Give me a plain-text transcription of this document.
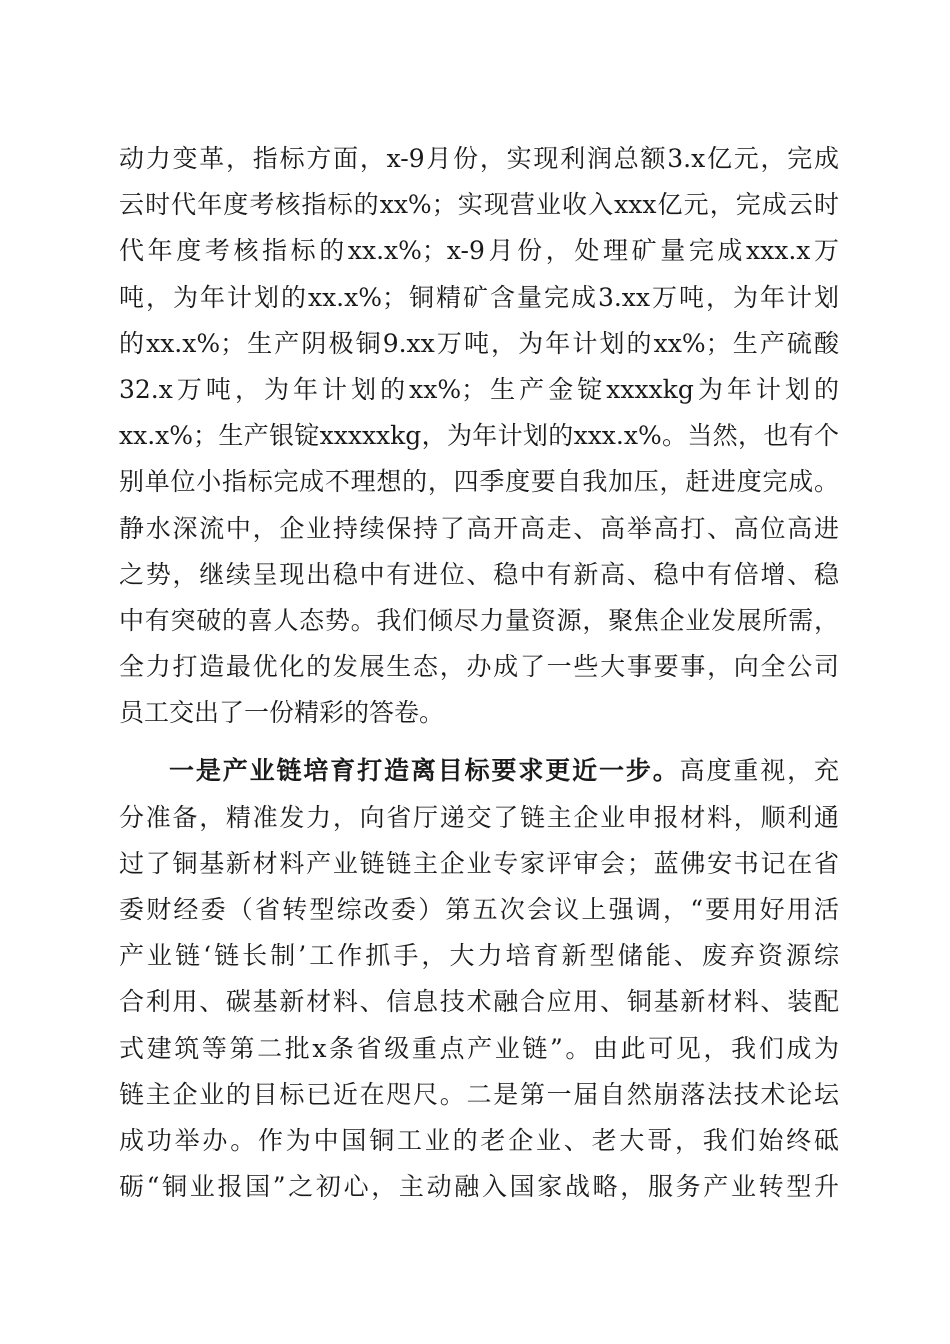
动力变革，指标方面，x-9月份，实现利润总额3.x亿元，完成
云时代年度考核指标的xx%；实现营业收入xxx亿元，完成云时
代年度考核指标的xx.x%；x-9月份，处理矿量完成xxx.x万
吨，为年计划的xx.x%；铜精矿含量完成3.xx万吨，为年计划
的xx.x%；生产阴极铜9.xx万吨，为年计划的xx%；生产硫酸
32.x万吨，为年计划的xx%；生产金锭xxxxkg为年计划的
xx.x%；生产银锭xxxxxkg，为年计划的xxx.x%。当然，也有个
别单位小指标完成不理想的，四季度要自我加压，赶进度完成。
静水深流中，企业持续保持了高开高走、高举高打、高位高进
之势，继续呈现出稳中有进位、稳中有新高、稳中有倍增、稳
中有突破的喜人态势。我们倾尽力量资源，聚焦企业发展所需，
全力打造最优化的发展生态，办成了一些大事要事，向全公司
员工交出了一份精彩的答卷。
一是产业链培育打造离目标要求更近一步。高度重视，充
分准备，精准发力，向省厅递交了链主企业申报材料，顺利通
过了铜基新材料产业链链主企业专家评审会；蓝佛安书记在省
委财经委（省转型综改委）第五次会议上强调，“要用好用活
产业链‘链长制’工作抓手，大力培育新型储能、废弃资源综
合利用、碳基新材料、信息技术融合应用、铜基新材料、装配
式建筑等第二批x条省级重点产业链”。由此可见，我们成为
链主企业的目标已近在咫尺。二是第一届自然崩落法技术论坛
成功举办。作为中国铜工业的老企业、老大哥，我们始终砥
砺“铜业报国”之初心，主动融入国家战略，服务产业转型升
